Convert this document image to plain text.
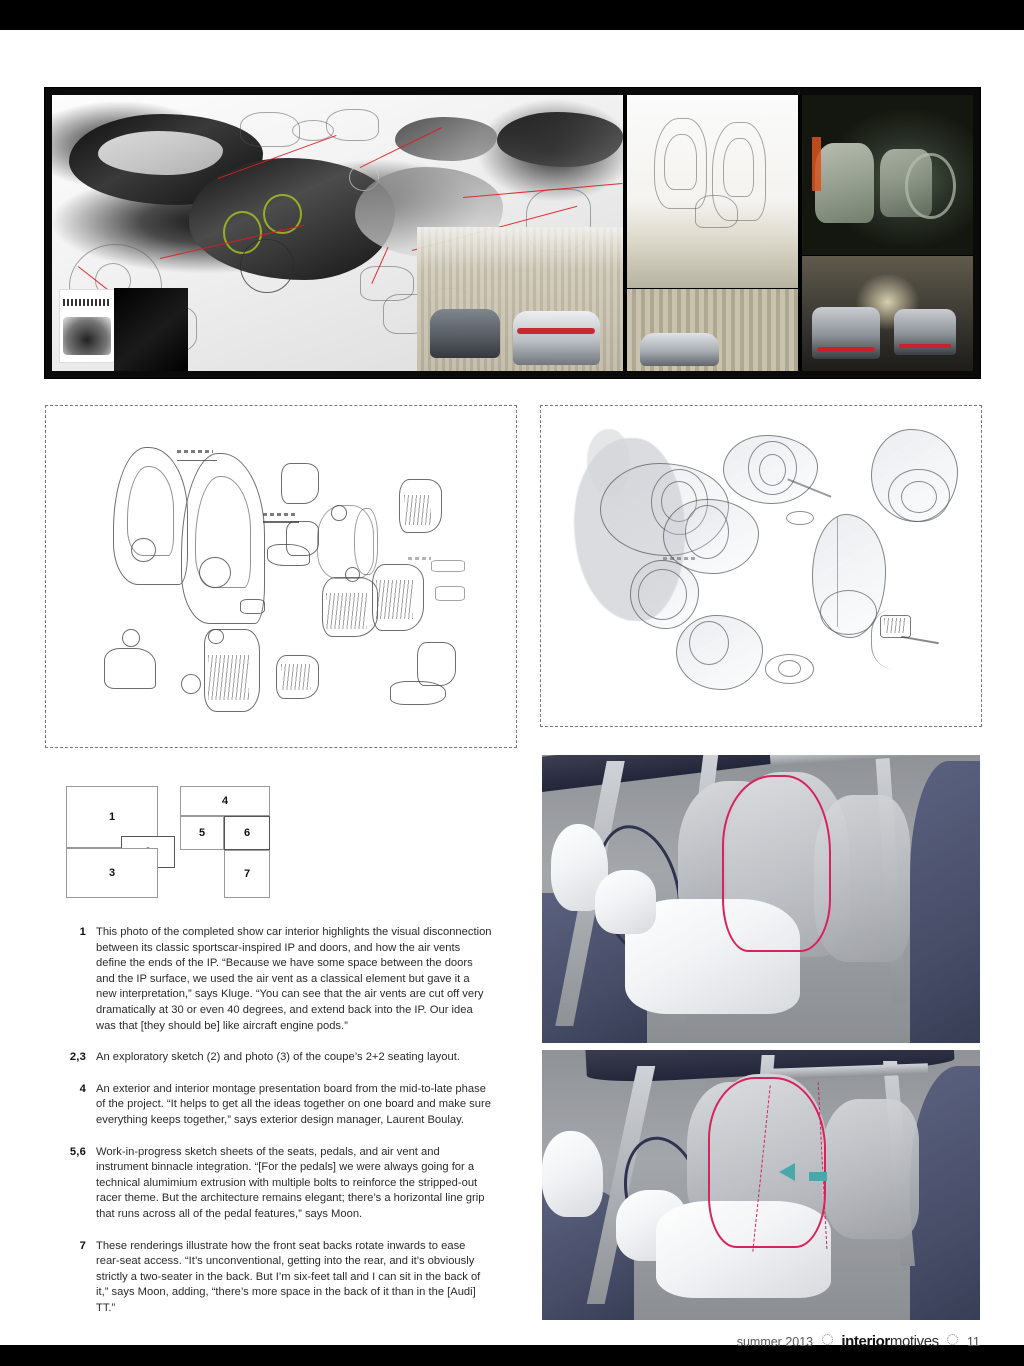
1
3
4
5	6
7
1 This photo of the completed show car interior highlights the visual disconnection between its classic sportscar-inspired IP and doors, and how the air vents define the ends of the IP. “Because we have some space between the doors and the IP surface, we used the air vent as a classical element but gave it a new interpretation,” says Kluge. “You can see that the air vents are cut off very dramatically at 30 or even 40 degrees, and extend back into the IP. Our idea was that [they should be] like aircraft engine pods.”
2,3 An exploratory sketch (2) and photo (3) of the coupe’s 2+2 seating layout.
4 An exterior and interior montage presentation board from the mid-to-late phase of the project. “It helps to get all the ideas together on one board and make sure everything keeps together,” says exterior design manager, Laurent Boulay.
5,6 Work-in-progress sketch sheets of the seats, pedals, and air vent and instrument binnacle integration. “[For the pedals] we were always going for a technical alumimium extrusion with multiple bolts to reinforce the stripped-out racer theme. But the architecture remains elegant; there’s a horizontal line grip that runs across all of the pedal features,” says Moon.
7 These renderings illustrate how the front seat backs rotate inwards to ease rear-seat access. “It’s unconventional, getting into the rear, and it’s obviously strictly a two-seater in the back. But I’m six-feet tall and I can sit in the back of it,” says Moon, adding, “there’s more space in the back of it than in the [Audi] TT.”
summer 2013 interiormotives 11
